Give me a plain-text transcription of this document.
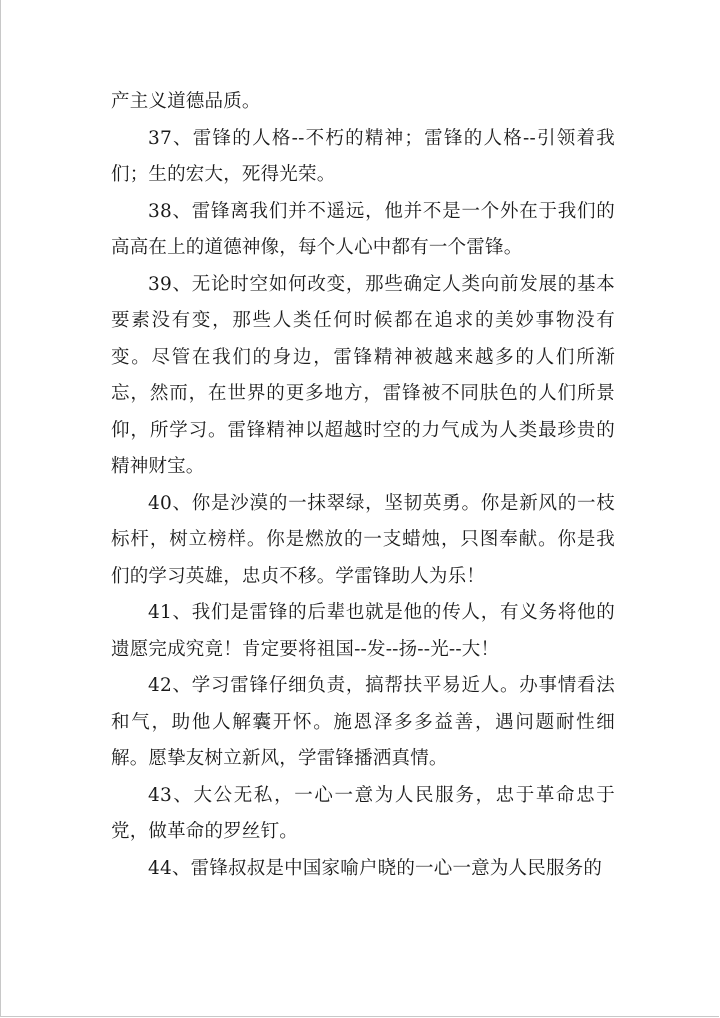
产主义道德品质。

37、雷锋的人格--不朽的精神；雷锋的人格--引领着我们；生的宏大，死得光荣。

38、雷锋离我们并不遥远，他并不是一个外在于我们的高高在上的道德神像，每个人心中都有一个雷锋。

39、无论时空如何改变，那些确定人类向前发展的基本要素没有变，那些人类任何时候都在追求的美妙事物没有变。尽管在我们的身边，雷锋精神被越来越多的人们所渐忘，然而，在世界的更多地方，雷锋被不同肤色的人们所景仰，所学习。雷锋精神以超越时空的力气成为人类最珍贵的精神财宝。

40、你是沙漠的一抹翠绿，坚韧英勇。你是新风的一枝标杆，树立榜样。你是燃放的一支蜡烛，只图奉献。你是我们的学习英雄，忠贞不移。学雷锋助人为乐！

41、我们是雷锋的后辈也就是他的传人，有义务将他的遗愿完成究竟！肯定要将祖国--发--扬--光--大！

42、学习雷锋仔细负责，搞帮扶平易近人。办事情看法和气，助他人解囊开怀。施恩泽多多益善，遇问题耐性细解。愿挚友树立新风，学雷锋播洒真情。

43、大公无私，一心一意为人民服务，忠于革命忠于党，做革命的罗丝钉。

44、雷锋叔叔是中国家喻户晓的一心一意为人民服务的
